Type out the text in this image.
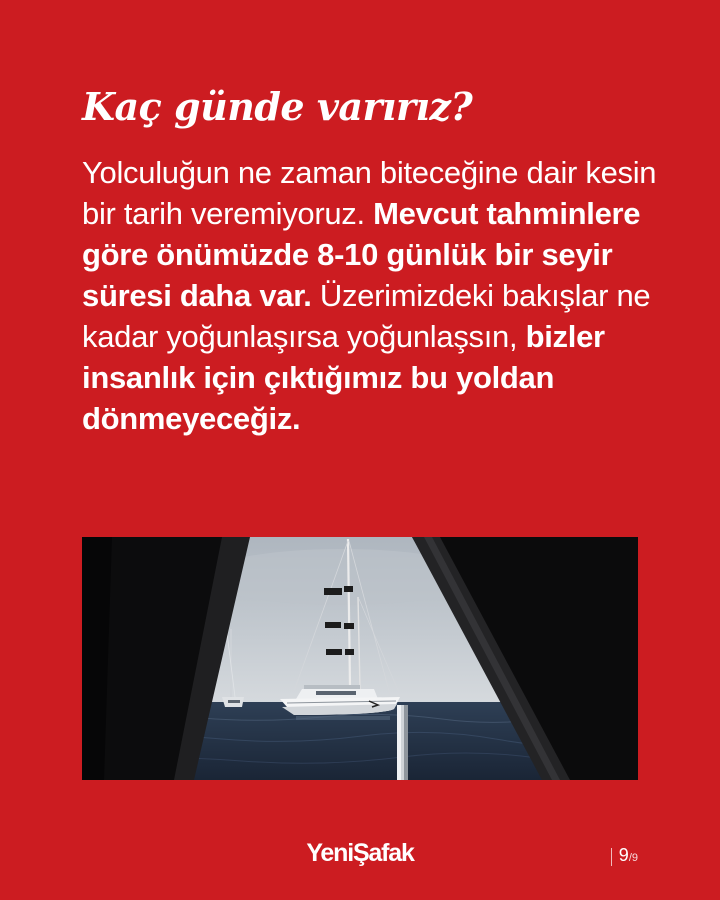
Kaç günde varırız?

Yolculuğun ne zaman biteceğine dair kesin bir tarih veremiyoruz. Mevcut tahminlere göre önümüzde 8-10 günlük bir seyir süresi daha var. Üzerimizdeki bakışlar ne kadar yoğunlaşırsa yoğunlaşsın, bizler insanlık için çıktığımız bu yoldan dönmeyeceğiz.

YeniŞafak	9 / 9
